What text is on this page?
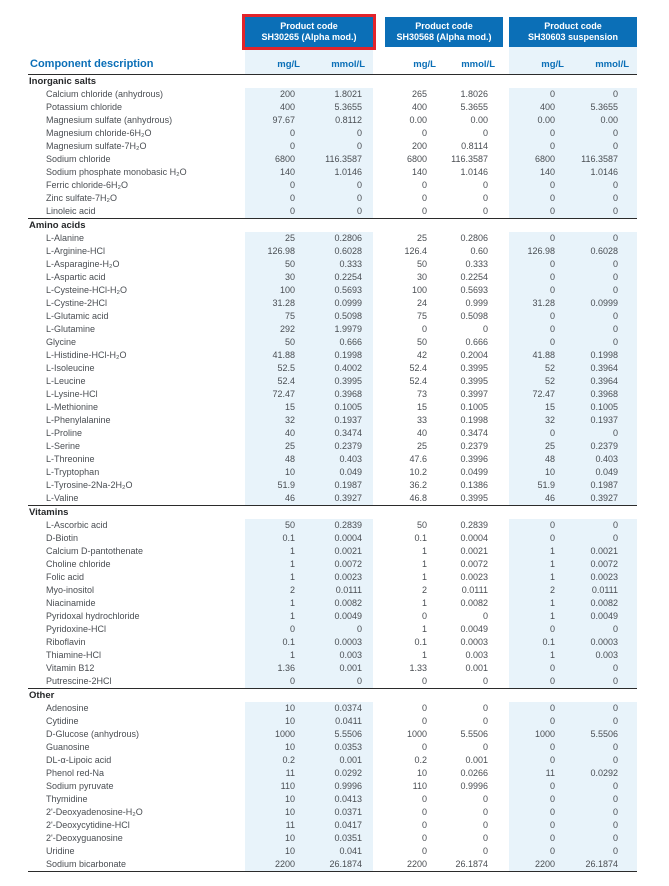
Product code
SH30265 (Alpha mod.)

Product code
SH30568 (Alpha mod.)

Product code
SH30603 suspension

Component description	mg/L	mmol/L		mg/L	mmol/L		mg/L	mmol/L
Inorganic salts								
Calcium chloride (anhydrous)	200	1.8021		265	1.8026		0	0
Potassium chloride	400	5.3655		400	5.3655		400	5.3655
Magnesium sulfate (anhydrous)	97.67	0.8112		0.00	0.00		0.00	0.00
Magnesium chloride-6H₂O	0	0		0	0		0	0
Magnesium sulfate-7H₂O	0	0		200	0.8114		0	0
Sodium chloride	6800	116.3587		6800	116.3587		6800	116.3587
Sodium phosphate monobasic H₂O	140	1.0146		140	1.0146		140	1.0146
Ferric chloride-6H₂O	0	0		0	0		0	0
Zinc sulfate-7H₂O	0	0		0	0		0	0
Linoleic acid	0	0		0	0		0	0
Amino acids								
L-Alanine	25	0.2806		25	0.2806		0	0
L-Arginine-HCl	126.98	0.6028		126.4	0.60		126.98	0.6028
L-Asparagine-H₂O	50	0.333		50	0.333		0	0
L-Aspartic acid	30	0.2254		30	0.2254		0	0
L-Cysteine-HCl-H₂O	100	0.5693		100	0.5693		0	0
L-Cystine-2HCl	31.28	0.0999		24	0.999		31.28	0.0999
L-Glutamic acid	75	0.5098		75	0.5098		0	0
L-Glutamine	292	1.9979		0	0		0	0
Glycine	50	0.666		50	0.666		0	0
L-Histidine-HCl-H₂O	41.88	0.1998		42	0.2004		41.88	0.1998
L-Isoleucine	52.5	0.4002		52.4	0.3995		52	0.3964
L-Leucine	52.4	0.3995		52.4	0.3995		52	0.3964
L-Lysine-HCl	72.47	0.3968		73	0.3997		72.47	0.3968
L-Methionine	15	0.1005		15	0.1005		15	0.1005
L-Phenylalanine	32	0.1937		33	0.1998		32	0.1937
L-Proline	40	0.3474		40	0.3474		0	0
L-Serine	25	0.2379		25	0.2379		25	0.2379
L-Threonine	48	0.403		47.6	0.3996		48	0.403
L-Tryptophan	10	0.049		10.2	0.0499		10	0.049
L-Tyrosine-2Na-2H₂O	51.9	0.1987		36.2	0.1386		51.9	0.1987
L-Valine	46	0.3927		46.8	0.3995		46	0.3927
Vitamins								
L-Ascorbic acid	50	0.2839		50	0.2839		0	0
D-Biotin	0.1	0.0004		0.1	0.0004		0	0
Calcium D-pantothenate	1	0.0021		1	0.0021		1	0.0021
Choline chloride	1	0.0072		1	0.0072		1	0.0072
Folic acid	1	0.0023		1	0.0023		1	0.0023
Myo-inositol	2	0.0111		2	0.0111		2	0.0111
Niacinamide	1	0.0082		1	0.0082		1	0.0082
Pyridoxal hydrochloride	1	0.0049		0	0		1	0.0049
Pyridoxine-HCl	0	0		1	0.0049		0	0
Riboflavin	0.1	0.0003		0.1	0.0003		0.1	0.0003
Thiamine-HCl	1	0.003		1	0.003		1	0.003
Vitamin B12	1.36	0.001		1.33	0.001		0	0
Putrescine-2HCl	0	0		0	0		0	0
Other								
Adenosine	10	0.0374		0	0		0	0
Cytidine	10	0.0411		0	0		0	0
D-Glucose (anhydrous)	1000	5.5506		1000	5.5506		1000	5.5506
Guanosine	10	0.0353		0	0		0	0
DL-α-Lipoic acid	0.2	0.001		0.2	0.001		0	0
Phenol red-Na	11	0.0292		10	0.0266		11	0.0292
Sodium pyruvate	110	0.9996		110	0.9996		0	0
Thymidine	10	0.0413		0	0		0	0
2'-Deoxyadenosine-H₂O	10	0.0371		0	0		0	0
2'-Deoxycytidine-HCl	11	0.0417		0	0		0	0
2'-Deoxyguanosine	10	0.0351		0	0		0	0
Uridine	10	0.041		0	0		0	0
Sodium bicarbonate	2200	26.1874		2200	26.1874		2200	26.1874
